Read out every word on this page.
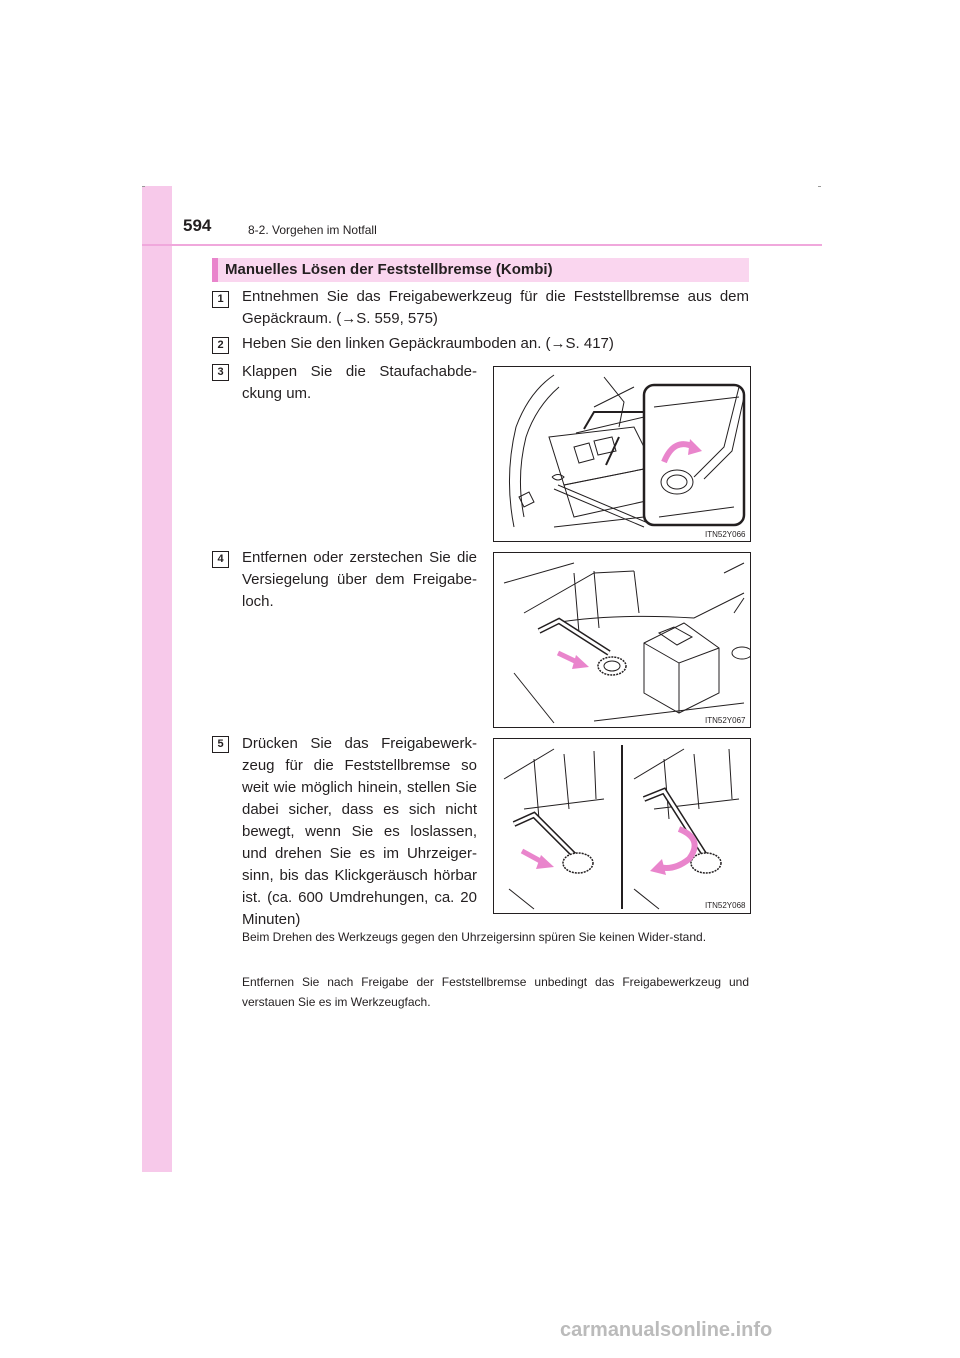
594	8-2. Vorgehen im Notfall
Manuelles Lösen der Feststellbremse (Kombi)
1	Entnehmen Sie das Freigabewerkzeug für die Feststellbremse aus dem Gepäckraum. (→S. 559, 575)
2	Heben Sie den linken Gepäckraumboden an. (→S. 417)
3	Klappen Sie die Staufachabde-ckung um.
ITN52Y066
4	Entfernen oder zerstechen Sie die Versiegelung über dem Freigabe-loch.
ITN52Y067
5	Drücken Sie das Freigabewerk-zeug für die Feststellbremse so weit wie möglich hinein, stellen Sie dabei sicher, dass es sich nicht bewegt, wenn Sie es loslassen, und drehen Sie es im Uhrzeiger-sinn, bis das Klickgeräusch hörbar ist. (ca. 600 Umdrehungen, ca. 20 Minuten)
ITN52Y068
Beim Drehen des Werkzeugs gegen den Uhrzeigersinn spüren Sie keinen Wider-stand.
Entfernen Sie nach Freigabe der Feststellbremse unbedingt das Freigabewerkzeug und verstauen Sie es im Werkzeugfach.
carmanualsonline.info
